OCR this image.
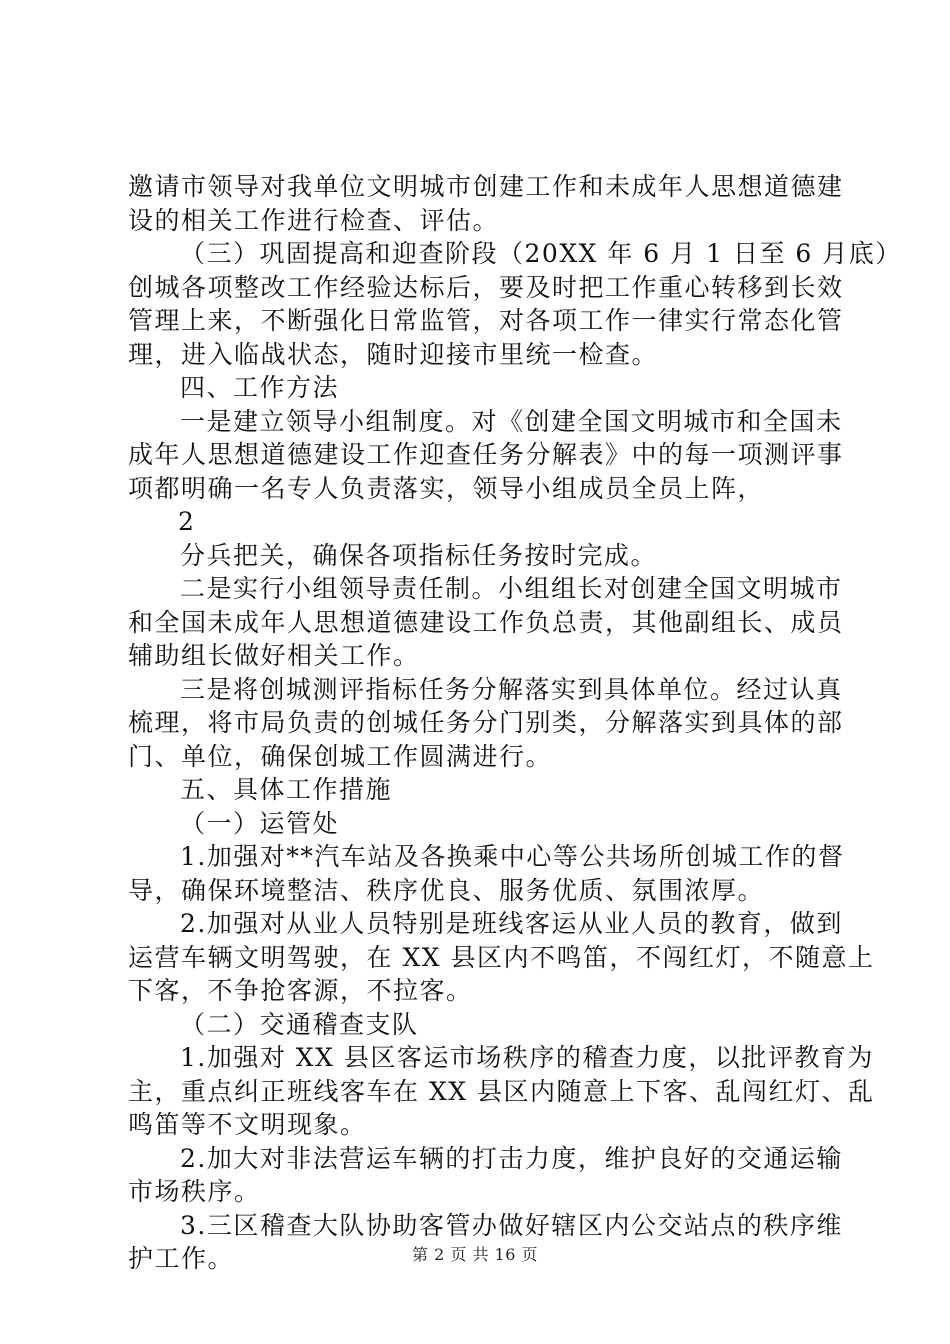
邀请市领导对我单位文明城市创建工作和未成年人思想道德建
设的相关工作进行检查、评估。
（三）巩固提高和迎查阶段（20XX 年 6 月 1 日至 6 月底）
创城各项整改工作经验达标后，要及时把工作重心转移到长效
管理上来，不断强化日常监管，对各项工作一律实行常态化管
理，进入临战状态，随时迎接市里统一检查。
四、工作方法
一是建立领导小组制度。对《创建全国文明城市和全国未
成年人思想道德建设工作迎查任务分解表》中的每一项测评事
项都明确一名专人负责落实，领导小组成员全员上阵，
2
分兵把关，确保各项指标任务按时完成。
二是实行小组领导责任制。小组组长对创建全国文明城市
和全国未成年人思想道德建设工作负总责，其他副组长、成员
辅助组长做好相关工作。
三是将创城测评指标任务分解落实到具体单位。经过认真
梳理，将市局负责的创城任务分门别类，分解落实到具体的部
门、单位，确保创城工作圆满进行。
五、具体工作措施
（一）运管处
1.加强对**汽车站及各换乘中心等公共场所创城工作的督
导，确保环境整洁、秩序优良、服务优质、氛围浓厚。
2.加强对从业人员特别是班线客运从业人员的教育，做到
运营车辆文明驾驶，在 XX 县区内不鸣笛，不闯红灯，不随意上
下客，不争抢客源，不拉客。
（二）交通稽查支队
1.加强对 XX 县区客运市场秩序的稽查力度，以批评教育为
主，重点纠正班线客车在 XX 县区内随意上下客、乱闯红灯、乱
鸣笛等不文明现象。
2.加大对非法营运车辆的打击力度，维护良好的交通运输
市场秩序。
3.三区稽查大队协助客管办做好辖区内公交站点的秩序维
护工作。	第 2 页 共 16 页
